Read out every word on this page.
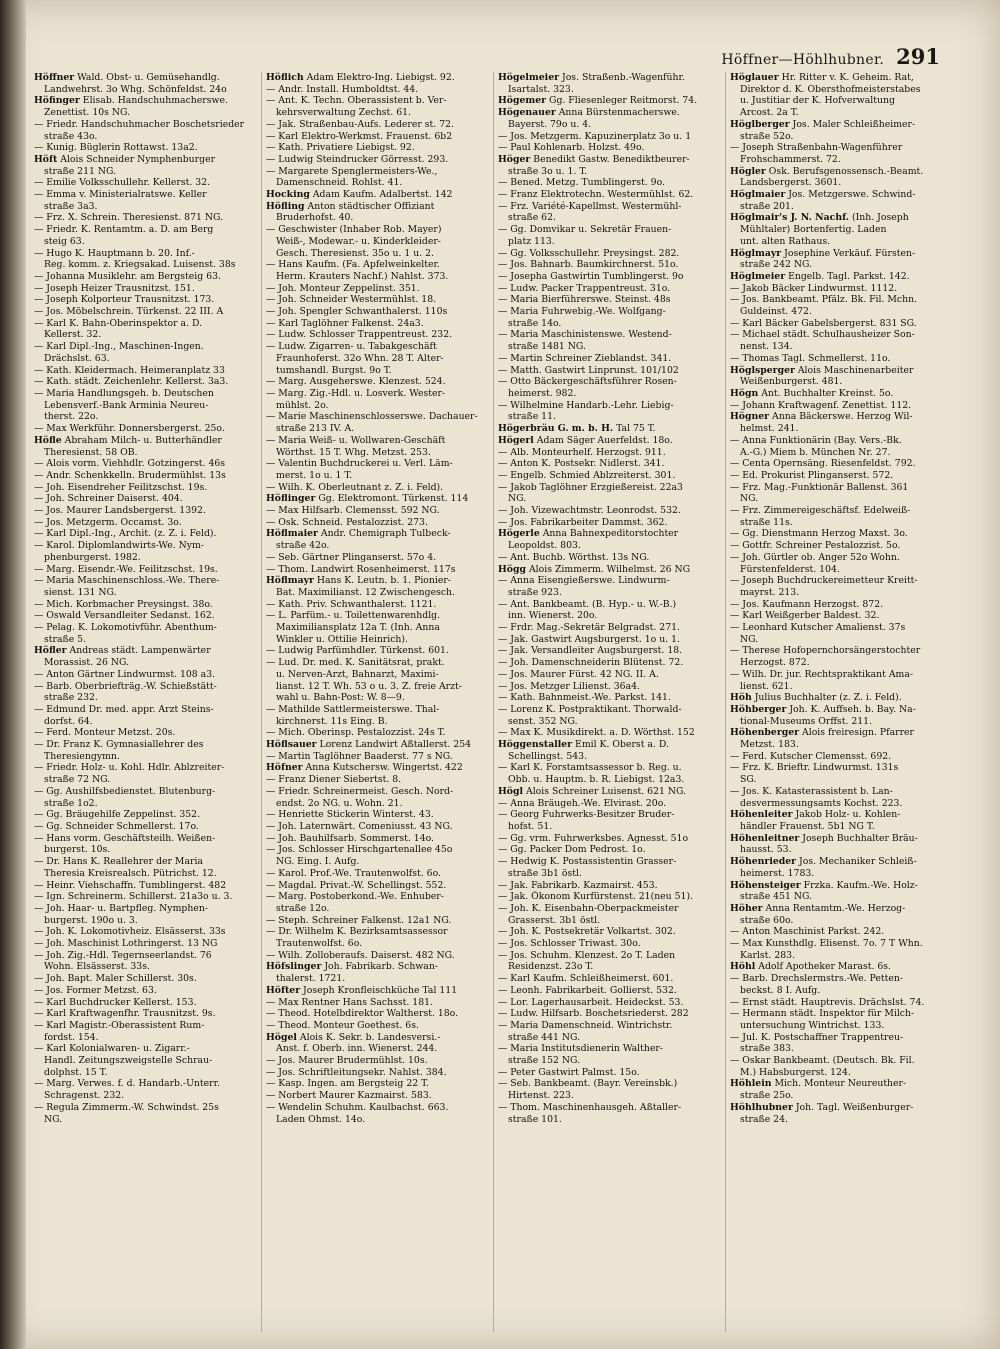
Höffner—Höhlhubner. 291
Höffner Wald. Obst- u. Gemüsehandlg.
Landwehrst. 3o Whg. Schönfeldst. 24o
Höfinger Elisab. Handschuhmacherswe.
Zenettist. 10s NG.
— Friedr. Handschuhmacher Boschetsrieder
straße 43o.
— Kunig. Büglerin Rottawst. 13a2.
Höft Alois Schneider Nymphenburger
straße 211 NG.
— Emilie Volksschullehr. Kellerst. 32.
— Emma v. Ministerialratswe. Keller
straße 3a3.
— Frz. X. Schrein. Theresienst. 871 NG.
— Friedr. K. Rentamtm. a. D. am Berg
steig 63.
— Hugo K. Hauptmann b. 20. Inf.-
Reg. komm. z. Kriegsakad. Luisenst. 38s
— Johanna Musiklehr. am Bergsteig 63.
— Joseph Heizer Trausnitzst. 151.
— Joseph Kolporteur Trausnitzst. 173.
— Jos. Möbelschrein. Türkenst. 22 III. A
— Karl K. Bahn-Oberinspektor a. D.
Kellerst. 32.
— Karl Dipl.-Ing., Maschinen-Ingen.
Drächslst. 63.
— Kath. Kleidermach. Heimeranplatz 33
— Kath. städt. Zeichenlehr. Kellerst. 3a3.
— Maria Handlungsgeh. b. Deutschen
Lebensverf.-Bank Arminia Neureu-
therst. 22o.
— Max Werkführ. Donnersbergerst. 25o.
Höfle Abraham Milch- u. Butterhändler
Theresienst. 58 OB.
— Alois vorm. Viehhdlr. Gotzingerst. 46s
— Andr. Schenkkelln. Brudermühlst. 13s
— Joh. Eisendreher Feilitzschst. 19s.
— Joh. Schreiner Daiserst. 404.
— Jos. Maurer Landsbergerst. 1392.
— Jos. Metzgerm. Occamst. 3o.
— Karl Dipl.-Ing., Archit. (z. Z. i. Feld).
— Karol. Diplomlandwirts-We. Nym-
phenburgerst. 1982.
— Marg. Eisendr.-We. Feilitzschst. 19s.
— Maria Maschinenschloss.-We. There-
sienst. 131 NG.
— Mich. Korbmacher Preysingst. 38o.
— Oswald Versandleiter Sedanst. 162.
— Pelag. K. Lokomotivführ. Abenthum-
straße 5.
Höfler Andreas städt. Lampenwärter
Morassist. 26 NG.
— Anton Gärtner Lindwurmst. 108 a3.
— Barb. Oberbriefträg.-W. Schießstätt-
straße 232.
— Edmund Dr. med. appr. Arzt Steins-
dorfst. 64.
— Ferd. Monteur Metzst. 20s.
— Dr. Franz K. Gymnasiallehrer des
Theresiengymn.
— Friedr. Holz- u. Kohl. Hdlr. Ablzreiter-
straße 72 NG.
— Gg. Aushilfsbedienstet. Blutenburg-
straße 1o2.
— Gg. Bräugehilfe Zeppelinst. 352.
— Gg. Schneider Schmellerst. 17o.
— Hans vorm. Geschäftsteilh. Weißen-
burgerst. 10s.
— Dr. Hans K. Reallehrer der Maria
Theresia Kreisrealsch. Pütrichst. 12.
— Heinr. Viehschaffn. Tumblingerst. 482
— Ign. Schreinerm. Schillerst. 21a3o u. 3.
— Joh. Haar- u. Bartpfleg. Nymphen-
burgerst. 190o u. 3.
— Joh. K. Lokomotivheiz. Elsässerst. 33s
— Joh. Maschinist Lothringerst. 13 NG
— Joh. Zig.-Hdl. Tegernseerlandst. 76
Wohn. Elsässerst. 33s.
— Joh. Bapt. Maler Schillerst. 30s.
— Jos. Former Metzst. 63.
— Karl Buchdrucker Kellerst. 153.
— Karl Kraftwagenfhr. Trausnitzst. 9s.
— Karl Magistr.-Oberassistent Rum-
fordst. 154.
— Karl Kolonialwaren- u. Zigarr.-
Handl. Zeitungszweigstelle Schrau-
dolphst. 15 T.
— Marg. Verwes. f. d. Handarb.-Unterr.
Schragenst. 232.
— Regula Zimmerm.-W. Schwindst. 25s
NG.
Höflich Adam Elektro-Ing. Liebigst. 92.
— Andr. Install. Humboldtst. 44.
— Ant. K. Techn. Oberassistent b. Ver-
kehrsverwaltung Zechst. 61.
— Jak. Straßenbau-Aufs. Lederer st. 72.
— Karl Elektro-Werkmst. Frauenst. 6b2
— Kath. Privatiere Liebigst. 92.
— Ludwig Steindrucker Görresst. 293.
— Margarete Spenglermeisters-We.,
Damenschneid. Rohlst. 41.
Hocking Adam Kaufm. Adalbertst. 142
Höfling Anton städtischer Offiziant
Bruderhofst. 40.
— Geschwister (Inhaber Rob. Mayer)
Weiß-, Modewar.- u. Kinderkleider-
Gesch. Theresienst. 35o u. 1 u. 2.
— Hans Kaufm. (Fa. Apfelweinkelter.
Herm. Krauters Nachf.) Nahlst. 373.
— Joh. Monteur Zeppelinst. 351.
— Joh. Schneider Westermühlst. 18.
— Joh. Spengler Schwanthalerst. 110s
— Karl Taglöhner Falkenst. 24a3.
— Ludw. Schlosser Trappentreust. 232.
— Ludw. Zigarren- u. Tabakgeschäft
Fraunhoferst. 32o Whn. 28 T. Alter-
tumshandl. Burgst. 9o T.
— Marg. Ausgeherswe. Klenzest. 524.
— Marg. Zig.-Hdl. u. Losverk. Wester-
mühlst. 2o.
— Marie Maschinenschlosserswe. Dachauer-
straße 213 IV. A.
— Maria Weiß- u. Wollwaren-Geschäft
Wörthst. 15 T. Whg. Metzst. 253.
— Valentin Buchdruckerei u. Verl. Läm-
merst. 1o u. 1 T.
— Wilh. K. Oberleutnant z. Z. i. Feld).
Höflinger Gg. Elektromont. Türkenst. 114
— Max Hilfsarb. Clemensst. 592 NG.
— Osk. Schneid. Pestalozzist. 273.
Höflmaier Andr. Chemigraph Tulbeck-
straße 42o.
— Seb. Gärtner Plinganserst. 57o 4.
— Thom. Landwirt Rosenheimerst. 117s
Höflmayr Hans K. Leutn. b. 1. Pionier-
Bat. Maximilianst. 12 Zwischengesch.
— Kath. Priv. Schwanthalerst. 1121.
— L. Parfüm.- u. Toilettenwarenhdlg.
Maximiliansplatz 12a T. (Inh. Anna
Winkler u. Ottilie Heinrich).
— Ludwig Parfümhdler. Türkenst. 601.
— Lud. Dr. med. K. Sanitätsrat, prakt.
u. Nerven-Arzt, Bahnarzt, Maximi-
lianst. 12 T. Wh. 53 o u. 3. Z. freie Arzt-
wahl u. Bahn-Post: W. 8—9.
— Mathilde Sattlermeisterswe. Thal-
kirchnerst. 11s Eing. B.
— Mich. Oberinsp. Pestalozzist. 24s T.
Höflsauer Lorenz Landwirt Aßtallerst. 254
— Martin Taglöhner Baaderst. 77 s NG.
Höfner Anna Kutschersw. Wingertst. 422
— Franz Diener Siebertst. 8.
— Friedr. Schreinermeist. Gesch. Nord-
endst. 2o NG. u. Wohn. 21.
— Henriette Stickerin Winterst. 43.
— Joh. Laternwärt. Comeniusst. 43 NG.
— Joh. Bauhilfsarb. Sommerst. 14o.
— Jos. Schlosser Hirschgartenallee 45o
NG. Eing. I. Aufg.
— Karol. Prof.-We. Trautenwolfst. 6o.
— Magdal. Privat.-W. Schellingst. 552.
— Marg. Postoberkond.-We. Enhuber-
straße 12o.
— Steph. Schreiner Falkenst. 12a1 NG.
— Dr. Wilhelm K. Bezirksamtsassessor
Trautenwolfst. 6o.
— Wilh. Zolloberaufs. Daiserst. 482 NG.
Höfslinger Joh. Fabrikarb. Schwan-
thalerst. 1721.
Höfter Joseph Kronfleischküche Tal 111
— Max Rentner Hans Sachsst. 181.
— Theod. Hotelbdirektor Waltherst. 18o.
— Theod. Monteur Goethest. 6s.
Högel Alois K. Sekr. b. Landesversi.-
Anst. f. Oberb. inn. Wienerst. 244.
— Jos. Maurer Brudermühlst. 10s.
— Jos. Schriftleitungsekr. Nahlst. 384.
— Kasp. Ingen. am Bergsteig 22 T.
— Norbert Maurer Kazmairst. 583.
— Wendelin Schuhm. Kaulbachst. 663.
Laden Ohmst. 14o.
Högelmeier Jos. Straßenb.-Wagenführ.
Isartalst. 323.
Högemer Gg. Fliesenleger Reitmorst. 74.
Högenauer Anna Bürstenmacherswe.
Bayerst. 79o u. 4.
— Jos. Metzgerm. Kapuzinerplatz 3o u. 1
— Paul Kohlenarb. Holzst. 49o.
Höger Benedikt Gastw. Benediktbeurer-
straße 3o u. 1. T.
— Bened. Metzg. Tumblingerst. 9o.
— Franz Elektrotechn. Westermühlst. 62.
— Frz. Variété-Kapellmst. Westermühl-
straße 62.
— Gg. Domvikar u. Sekretär Frauen-
platz 113.
— Gg. Volksschullehr. Preysingst. 282.
— Jos. Bahnarb. Baumkirchnerst. 51o.
— Josepha Gastwirtin Tumblingerst. 9o
— Ludw. Packer Trappentreust. 31o.
— Maria Bierführerswe. Steinst. 48s
— Maria Fuhrwebig.-We. Wolfgang-
straße 14o.
— Maria Maschinistenswe. Westend-
straße 1481 NG.
— Martin Schreiner Zieblandst. 341.
— Matth. Gastwirt Linprunst. 101/102
— Otto Bäckergeschäftsführer Rosen-
heimerst. 982.
— Wilhelmine Handarb.-Lehr. Liebig-
straße 11.
Högerbräu G. m. b. H. Tal 75 T.
Högerl Adam Säger Auerfeldst. 18o.
— Alb. Monteurhelf. Herzogst. 911.
— Anton K. Postsekr. Nidlerst. 341.
— Engelb. Schmied Ablzreiterst. 301.
— Jakob Taglöhner Erzgießereist. 22a3
NG.
— Joh. Vizewachtmstr. Leonrodst. 532.
— Jos. Fabrikarbeiter Dammst. 362.
Högerle Anna Bahnexpeditorstochter
Leopoldst. 803.
— Ant. Buchb. Wörthst. 13s NG.
Högg Alois Zimmerm. Wilhelmst. 26 NG
— Anna Eisengießerswe. Lindwurm-
straße 923.
— Ant. Bankbeamt. (B. Hyp.- u. W.-B.)
inn. Wienerst. 20o.
— Frdr. Mag.-Sekretär Belgradst. 271.
— Jak. Gastwirt Augsburgerst. 1o u. 1.
— Jak. Versandleiter Augsburgerst. 18.
— Joh. Damenschneiderin Blütenst. 72.
— Jos. Maurer Fürst. 42 NG. II. A.
— Jos. Metzger Lilienst. 36a4.
— Kath. Bahnmeist.-We. Parkst. 141.
— Lorenz K. Postpraktikant. Thorwald-
senst. 352 NG.
— Max K. Musikdirekt. a. D. Wörthst. 152
Höggenstaller Emil K. Oberst a. D.
Schellingst. 543.
— Karl K. Forstamtsassessor b. Reg. u.
Obb. u. Hauptm. b. R. Liebigst. 12a3.
Högl Alois Schreiner Luisenst. 621 NG.
— Anna Bräugeh.-We. Elvirast. 20o.
— Georg Fuhrwerks-Besitzer Bruder-
hofst. 51.
— Gg. vrm. Fuhrwerksbes. Agnesst. 51o
— Gg. Packer Dom Pedrost. 1o.
— Hedwig K. Postassistentin Grasser-
straße 3b1 östl.
— Jak. Fabrikarb. Kazmairst. 453.
— Jak. Ökonom Kurfürstenst. 21(neu 51).
— Joh. K. Eisenbahn-Oberpackmeister
Grasserst. 3b1 östl.
— Joh. K. Postsekretär Volkartst. 302.
— Jos. Schlosser Triwast. 30o.
— Jos. Schuhm. Klenzest. 2o T. Laden
Residenzst. 23o T.
— Karl Kaufm. Schleißheimerst. 601.
— Leonh. Fabrikarbeit. Gollierst. 532.
— Lor. Lagerhausarbeit. Heideckst. 53.
— Ludw. Hilfsarb. Boschetsriederst. 282
— Maria Damenschneid. Wintrichstr.
straße 441 NG.
— Maria Institutsdienerin Walther-
straße 152 NG.
— Peter Gastwirt Palmst. 15o.
— Seb. Bankbeamt. (Bayr. Vereinsbk.)
Hirtenst. 223.
— Thom. Maschinenhausgeh. Aßtaller-
straße 101.
Höglauer Hr. Ritter v. K. Geheim. Rat,
Direktor d. K. Obersthofmeisterstabes
u. Justitiar der K. Hofverwaltung
Arcost. 2a T.
Höglberger Jos. Maler Schleißheimer-
straße 52o.
— Joseph Straßenbahn-Wagenführer
Frohschammerst. 72.
Högler Osk. Berufsgenossensch.-Beamt.
Landsbergerst. 3601.
Höglmaier Jos. Metzgerswe. Schwind-
straße 201.
Höglmair's J. N. Nachf. (Inh. Joseph
Mühltaler) Bortenfertig. Laden
unt. alten Rathaus.
Höglmayr Josephine Verkäuf. Fürsten-
straße 242 NG.
Höglmeier Engelb. Tagl. Parkst. 142.
— Jakob Bäcker Lindwurmst. 1112.
— Jos. Bankbeamt. Pfälz. Bk. Fil. Mchn.
Guldeinst. 472.
— Karl Bäcker Gabelsbergerst. 831 SG.
— Michael städt. Schulhausheizer Son-
nenst. 134.
— Thomas Tagl. Schmellerst. 11o.
Höglsperger Alois Maschinenarbeiter
Weißenburgerst. 481.
Högn Ant. Buchhalter Kreinst. 5o.
— Johann Kraftwagenf. Zenettist. 112.
Högner Anna Bäckerswe. Herzog Wil-
helmst. 241.
— Anna Funktionärin (Bay. Vers.-Bk.
A.-G.) Miem b. München Nr. 27.
— Centa Opernsäng. Riesenfeldst. 792.
— Ed. Prokurist Plinganserst. 572.
— Frz. Mag.-Funktionär Ballenst. 361
NG.
— Frz. Zimmereigeschäftsf. Edelweiß-
straße 11s.
— Gg. Dienstmann Herzog Maxst. 3o.
— Gottfr. Schreiner Pestalozzist. 5o.
— Joh. Gürtler ob. Anger 52o Wohn.
Fürstenfelderst. 104.
— Joseph Buchdruckereimetteur Kreitt-
mayrst. 213.
— Jos. Kaufmann Herzogst. 872.
— Karl Weißgerber Baldest. 32.
— Leonhard Kutscher Amalienst. 37s
NG.
— Therese Hofopernchorsängerstochter
Herzogst. 872.
— Wilh. Dr. jur. Rechtspraktikant Ama-
lienst. 621.
Höh Julius Buchhalter (z. Z. i. Feld).
Höhberger Joh. K. Auffseh. b. Bay. Na-
tional-Museums Orffst. 211.
Höhenberger Alois freiresign. Pfarrer
Metzst. 183.
— Ferd. Kutscher Clemensst. 692.
— Frz. K. Brieftr. Lindwurmst. 131s
SG.
— Jos. K. Katasterassistent b. Lan-
desvermessungsamts Kochst. 223.
Höhenleiter Jakob Holz- u. Kohlen-
händler Frauenst. 5b1 NG T.
Höhenleitner Joseph Buchhalter Bräu-
hausst. 53.
Höhenrieder Jos. Mechaniker Schleiß-
heimerst. 1783.
Höhensteiger Frzka. Kaufm.-We. Holz-
straße 451 NG.
Höher Anna Rentamtm.-We. Herzog-
straße 60o.
— Anton Maschinist Parkst. 242.
— Max Kunsthdlg. Elisenst. 7o. 7 T Whn.
Karlst. 283.
Höhl Adolf Apotheker Marast. 6s.
— Barb. Drechslermstrs.-We. Petten-
beckst. 8 I. Aufg.
— Ernst städt. Hauptrevis. Drächslst. 74.
— Hermann städt. Inspektor für Milch-
untersuchung Wintrichst. 133.
— Jul. K. Postschaffner Trappentreu-
straße 383.
— Oskar Bankbeamt. (Deutsch. Bk. Fil.
M.) Habsburgerst. 124.
Höhlein Mich. Monteur Neureuther-
straße 25o.
Höhlhubner Joh. Tagl. Weißenburger-
straße 24.
